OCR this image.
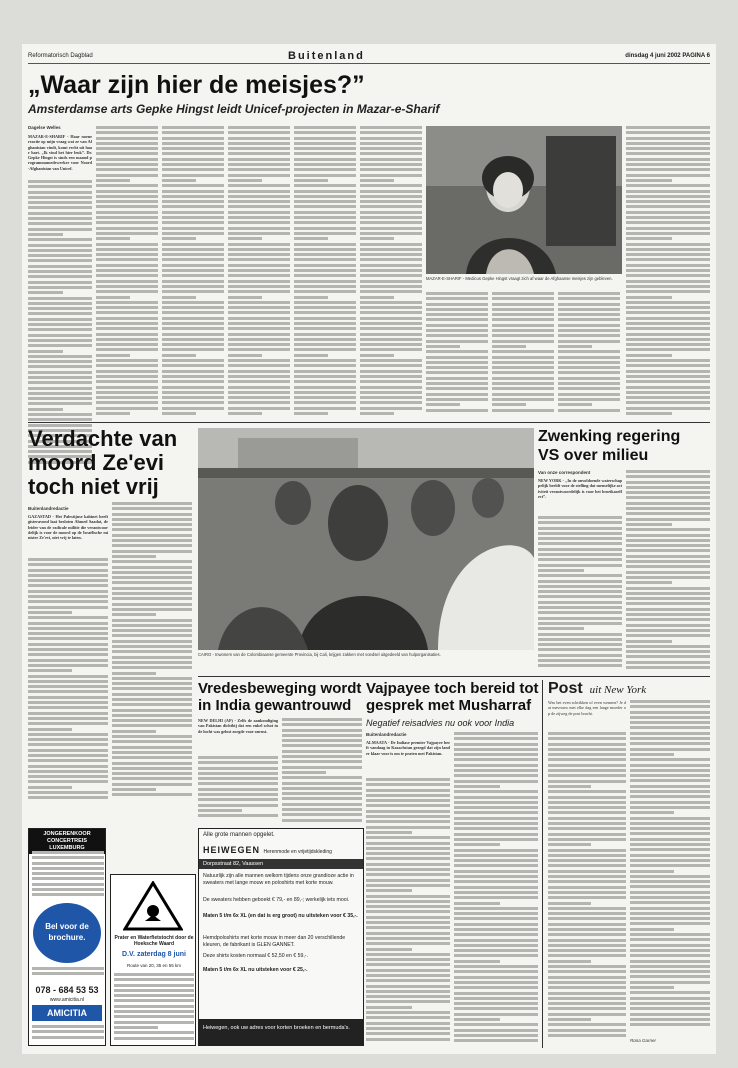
Reformatorisch Dagblad	Buitenland	dinsdag 4 juni 2002 PAGINA 6
„Waar zijn hier de meisjes?”
Amsterdamse arts Gepke Hingst leidt Unicef-projecten in Mazar-e-Sharif
Dagelse Welles
MAZAR-E-SHARIF - Haar noene reactie op mijn vraag wat ze van Afghanistan vindt, komt recht uit haar hart. „Ik vind het hier leuk”. Dr. Gepke Hingst is sinds een maand programmamedewerker voor Noord-Afghanistan van Unicef.
MAZAR-E-SHARIF - Medicus Gepke Hingst vraagt zich af waar de Afghaanse meisjes zijn gebleven.
Verdachte van
moord Ze'evi
toch niet vrij
Buitenlandredactie
GAZASTAD - Het Palestijnse kabinet heeft gisteravond laat besloten Ahmed Saadat, de leider van de radicale militie die verantwoordelijk is voor de moord op de Israëlische minister Ze'evi, niet vrij te laten.
CAIRO - Inwoners van de Colombiaanse gemeente Provincia, bij Cali, krijgen zakken met voedsel uitgedeeld van hulporganisaties.
Zwenking regering
VS over milieu
Van onze correspondent
NEW YORK - „In de onvoldoende waterschappelijk beeldt voor de stelling dat menselijke activiteit verantwoordelijk is voor het broeikaseffect”.
Vredesbeweging wordt
in India gewantrouwd
NEW DELHI (AP) - Zelfs de aankondiging van Pakistan dichtbij dat een enkel schot in de lucht was gelost zorgde voor onrust.
Vajpayee toch bereid tot
gesprek met Musharraf
Negatief reisadvies nu ook voor India
Buitenlandredactie
ALMAATA - De Indiase premier Vajpayee heeft vandaag in Kazachstan gezegd dat zijn land er klaar voor is om te praten met Pakistan.
Post uit New York
Was het even schrikken of even wennen? Je dat mevrouw met elke dag een lange moeder op de zijweg de post bracht.
Rona Garner
JONGERENKOOR CONCERTREIS LUXEMBURG
Bel voor de
brochure.
078 - 684 53 53
www.amicitia.nl
AMICITIA
Prater en Waterfietstocht door de Hoeksche Waard
D.V. zaterdag 8 juni
Route van 20, 35 en 55 km
Alle grote mannen opgelet.
HEIWEGEN Herenmode en vrijetijdskleding
Dorpsstraat 82, Vaassen
Natuurlijk zijn alle mannen welkom tijdens onze grandioze actie in sweaters met lange mouw en poloshirts met korte mouw.
De sweaters hebben geboekt € 79,- en 89,-; werkelijk iets mooi.
Maten 5 t/m 6x XL (en dat is erg groot) nu uitsteken voor € 35,-.
Hemdpoloshirts met korte mouw in meer dan 20 verschillende kleuren, de fabrikant is GLEN GANNET.
Deze shirts kosten normaal € 52,50 en € 59,-.
Maten 5 t/m 6x XL nu uitsteken voor € 25,-.
Heiwegen, ook uw adres voor korten broeken en bermuda's.
